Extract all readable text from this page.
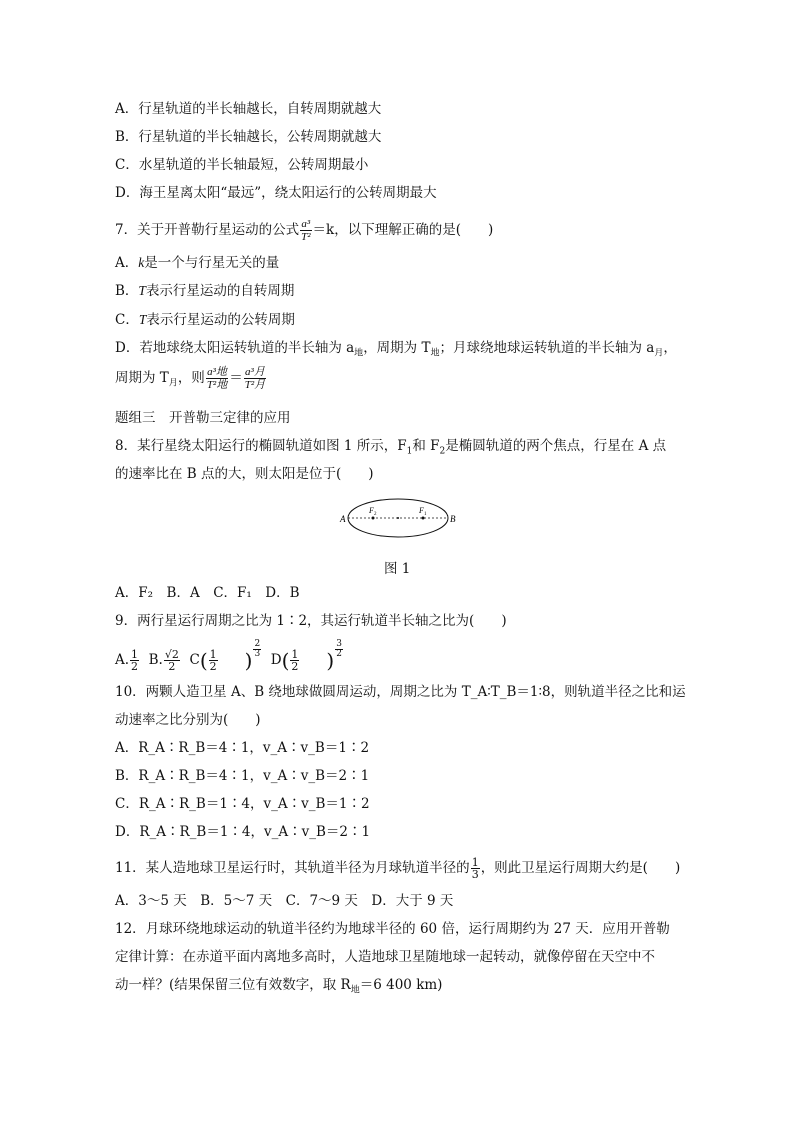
A．行星轨道的半长轴越长，自转周期就越大
B．行星轨道的半长轴越长，公转周期就越大
C．水星轨道的半长轴最短，公转周期最小
D．海王星离太阳“最远”，绕太阳运行的公转周期最大
7．关于开普勒行星运动的公式 $\frac{\text{a³}}{\text{T²}} =k$，以下理解正确的是(　　)
A．k是一个与行星无关的量
B．T表示行星运动的自转周期
C．T表示行星运动的公转周期
D．若地球绕太阳运转轨道的半长轴为 $a_地$，周期为 $T_地$；月球绕地球运转轨道的半长轴为 $a_月$，
周期为 $T_月$，则 $\frac{\text{a³地}}{\text{T²地}} = \frac{\text{a³月}}{\text{T²月}}$
题组三　开普勒三定律的应用
8．某行星绕太阳运行的椭圆轨道如图 1 所示，$F_1$和 $F_2$是椭圆轨道的两个焦点，行星在 A 点
的速率比在 B 点的大，则太阳是位于(　　)
A	B
F 2	F 1
图 1
A．F₂　B．A　C．F₁　D．B
9．两行星运行周期之比为 1∶2，其运行轨道半长轴之比为(　　)
A. $\frac{1}{2} B$. $\frac{√2}{2} C( \frac{1}{2}$ ) $\frac{2}{3}$
$D( \frac{1}{2}$ ) $\frac{3}{2}$
10．两颗人造卫星 A、B 绕地球做圆周运动，周期之比为 T_A∶T_B＝1∶8，则轨道半径之比和运
动速率之比分别为(　　)
A．R_A∶R_B＝4∶1，v_A∶v_B＝1∶2
B．R_A∶R_B＝4∶1，v_A∶v_B＝2∶1
C．R_A∶R_B＝1∶4，v_A∶v_B＝1∶2
D．R_A∶R_B＝1∶4，v_A∶v_B＝2∶1
11．某人造地球卫星运行时，其轨道半径为月球轨道半径的 $\frac{1}{3}$ ，则此卫星运行周期大约是(　　)
A．3～5 天　B．5～7 天　C．7～9 天　D．大于 9 天
12．月球环绕地球运动的轨道半径约为地球半径的 60 倍，运行周期约为 27 天．应用开普勒
定律计算：在赤道平面内离地多高时，人造地球卫星随地球一起转动，就像停留在天空中不
动一样？(结果保留三位有效数字，取 $R_地=6$ 400 km)
